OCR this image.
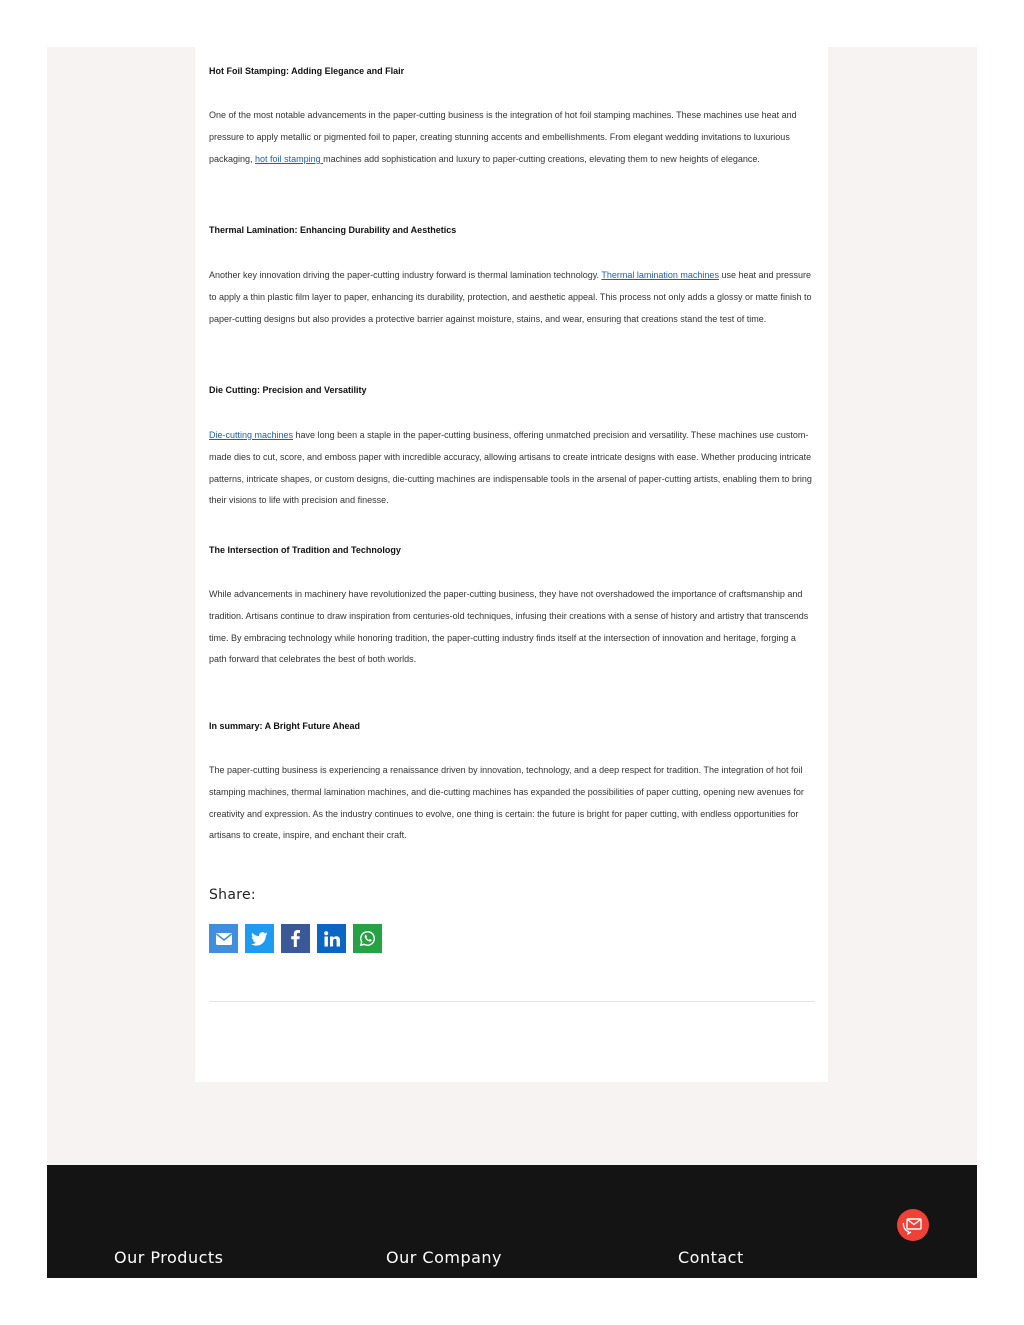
Hot Foil Stamping: Adding Elegance and Flair

One of the most notable advancements in the paper-cutting business is the integration of hot foil stamping machines. These machines use heat and pressure to apply metallic or pigmented foil to paper, creating stunning accents and embellishments. From elegant wedding invitations to luxurious packaging, hot foil stamping machines add sophistication and luxury to paper-cutting creations, elevating them to new heights of elegance.

Thermal Lamination: Enhancing Durability and Aesthetics

Another key innovation driving the paper-cutting industry forward is thermal lamination technology. Thermal lamination machines use heat and pressure to apply a thin plastic film layer to paper, enhancing its durability, protection, and aesthetic appeal. This process not only adds a glossy or matte finish to paper-cutting designs but also provides a protective barrier against moisture, stains, and wear, ensuring that creations stand the test of time.

Die Cutting: Precision and Versatility

Die-cutting machines have long been a staple in the paper-cutting business, offering unmatched precision and versatility. These machines use custom-made dies to cut, score, and emboss paper with incredible accuracy, allowing artisans to create intricate designs with ease. Whether producing intricate patterns, intricate shapes, or custom designs, die-cutting machines are indispensable tools in the arsenal of paper-cutting artists, enabling them to bring their visions to life with precision and finesse.

The Intersection of Tradition and Technology

While advancements in machinery have revolutionized the paper-cutting business, they have not overshadowed the importance of craftsmanship and tradition. Artisans continue to draw inspiration from centuries-old techniques, infusing their creations with a sense of history and artistry that transcends time. By embracing technology while honoring tradition, the paper-cutting industry finds itself at the intersection of innovation and heritage, forging a path forward that celebrates the best of both worlds.

In summary: A Bright Future Ahead

The paper-cutting business is experiencing a renaissance driven by innovation, technology, and a deep respect for tradition. The integration of hot foil stamping machines, thermal lamination machines, and die-cutting machines has expanded the possibilities of paper cutting, opening new avenues for creativity and expression. As the industry continues to evolve, one thing is certain: the future is bright for paper cutting, with endless opportunities for artisans to create, inspire, and enchant their craft.

Share:
Our Products	Our Company	Contact
